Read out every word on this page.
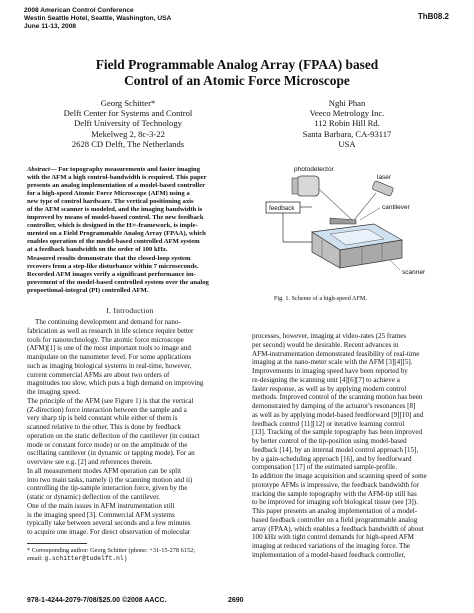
2008 American Control Conference
Westin Seattle Hotel, Seattle, Washington, USA
June 11-13, 2008
ThB08.2
Field Programmable Analog Array (FPAA) based
Control of an Atomic Force Microscope
Georg Schitter*
Delft Center for Systems and Control
Delft University of Technology
Mekelweg 2, 8c-3-22
2628 CD Delft, The Netherlands
Nghi Phan
Veeco Metrology Inc.
112 Robin Hill Rd.
Santa Barbara, CA-93117
USA

Abstract— For topography measurements and faster imaging

with the AFM a high control-bandwidth is required. This paper

presents an analog implementation of a model-based controller

for a high-speed Atomic Force Microscope (AFM) using a

new type of control hardware. The vertical positioning axis

of the AFM scanner is modeled, and the imaging bandwidth is

improved by means of model-based control. The new feedback

controller, which is designed in the H∞-framework, is imple-

mented on a Field Programmable Analog Array (FPAA), which

enables operation of the model-based controlled AFM system

at a feedback bandwidth on the order of 100 kHz.

Measured results demonstrate that the closed-loop system

recovers from a step-like disturbance within 7 microseconds.

Recorded AFM images verify a significant performance im-

provement of the model-based controlled system over the analog

proportional-integral (PI) controlled AFM.

I. Introduction

The continuing development and demand for nano-

fabrication as well as research in life science require better

tools for nanotechnology. The atomic force microscope

(AFM)[1] is one of the most important tools to image and

manipulate on the nanometer level. For some applications

such as imaging biological systems in real-time, however,

current commercial AFMs are about two orders of

magnitudes too slow, which puts a high demand on improving

the imaging speed.

The principle of the AFM (see Figure 1) is that the vertical

(Z-direction) force interaction between the sample and a

very sharp tip is held constant while either of them is

scanned relative to the other. This is done by feedback

operation on the static deflection of the cantilever (in contact

mode or constant force mode) or on the amplitude of the

oscillating cantilever (in dynamic or tapping mode). For an

overview see e.g. [2] and references therein.

In all measurement modes AFM operation can be split

into two main tasks, namely i) the scanning motion and ii)

controlling the tip-sample interaction force, given by the

(static or dynamic) deflection of the cantilever.

One of the main issues in AFM instrumentation still

is the imaging speed [3]. Commercial AFM systems

typically take between several seconds and a few minutes

to acquire one image. For direct observation of molecular

* Corresponding author: Georg Schitter (phone: +31-15-278 6152;
email: g.schitter@tudelft.nl)
photodetector
laser
feedback	cantilever
scanner
Fig. 1. Scheme of a high-speed AFM.

processes, however, imaging at video-rates (25 frames

per second) would be desirable. Recent advances in

AFM-instrumentation demonstrated feasibility of real-time

imaging at the nano-meter scale with the AFM [3][4][5].

Improvements in imaging speed have been reported by

re-designing the scanning unit [4][6][7] to achieve a

faster response, as well as by applying modern control

methods. Improved control of the scanning motion has been

demonstrated by damping of the actuator's resonances [8]

as well as by applying model-based feedforward [9][10] and

feedback control [11][12] or iterative learning control

[13]. Tracking of the sample topography has been improved

by better control of the tip-position using model-based

feedback [14], by an internal model control approach [15],

by a gain-scheduling approach [16], and by feedforward

compensation [17] of the estimated sample-profile.

In addition the image acquisition and scanning speed of some

prototype AFMs is impressive, the feedback bandwidth for

tracking the sample topography with the AFM-tip still has

to be improved for imaging soft biological tissue (see [3]).

This paper presents an analog implementation of a model-

based feedback controller on a field programmable analog

array (FPAA), which enables a feedback bandwidth of about

100 kHz with tight control demands for high-speed AFM

imaging at reduced variations of the imaging force. The

implementation of a model-based feedback controller,

978-1-4244-2079-7/08/$25.00 ©2008 AACC.	2690
